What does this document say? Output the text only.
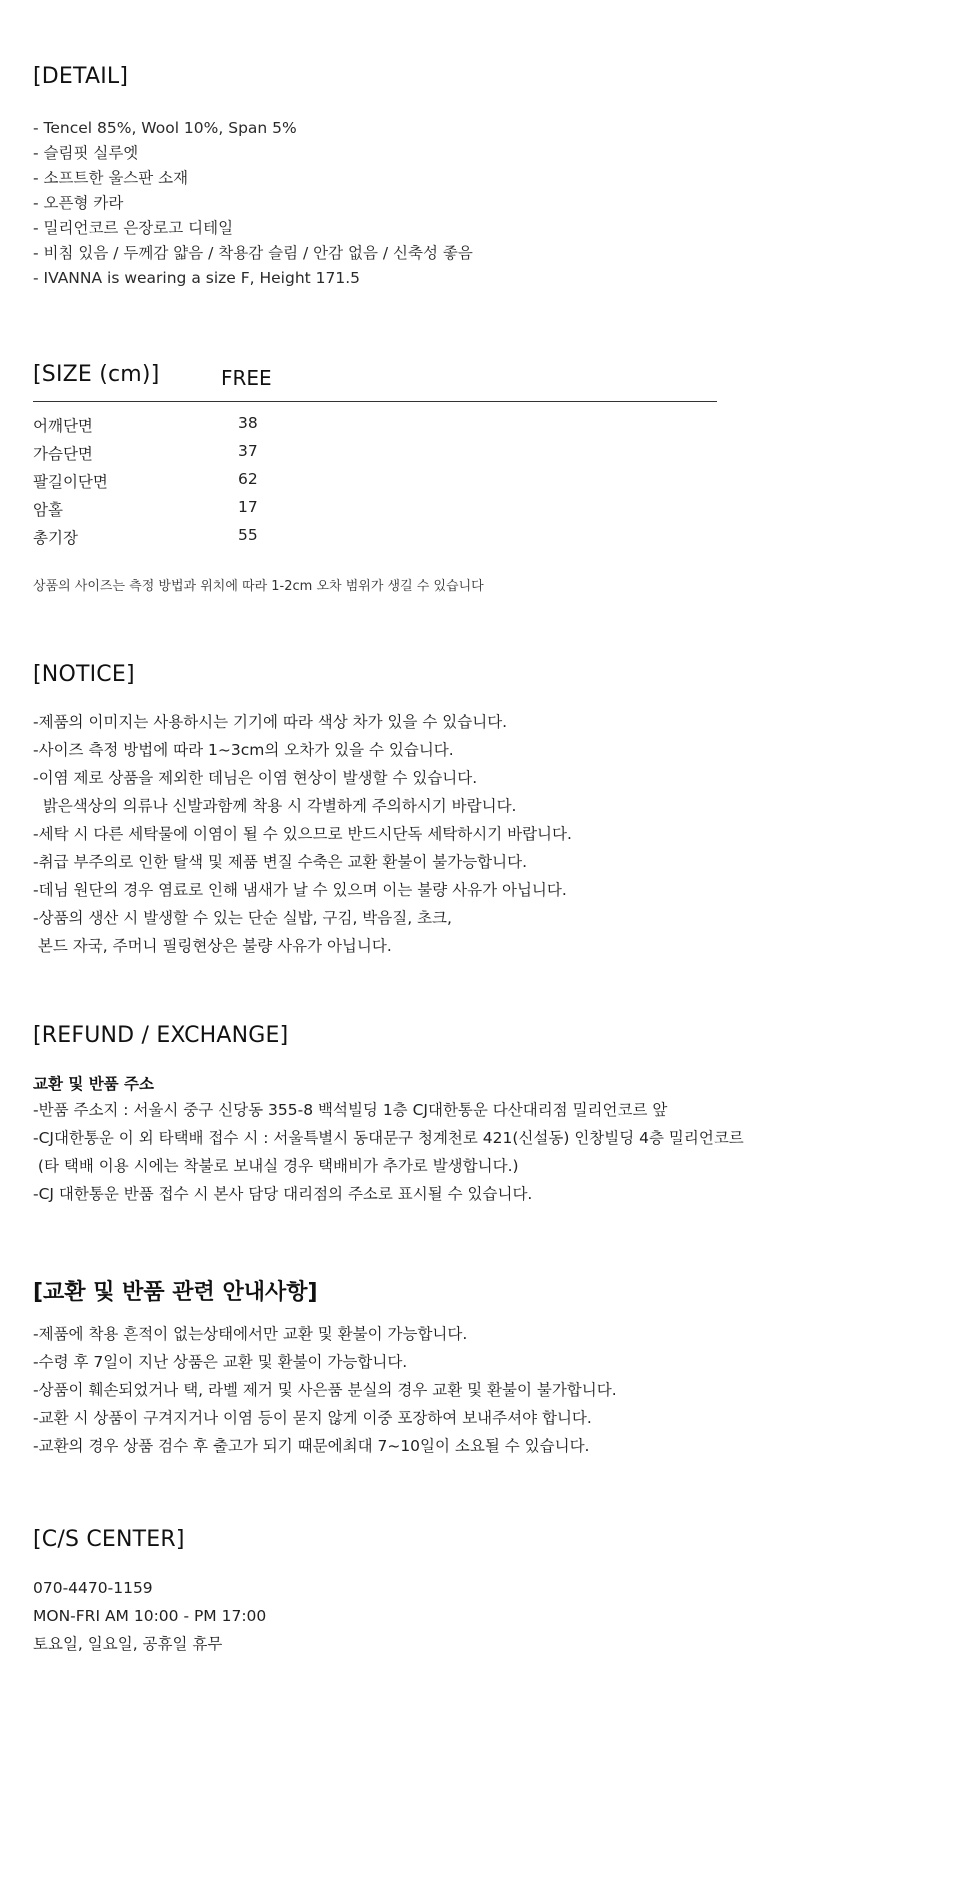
[DETAIL]
- Tencel 85%, Wool 10%, Span 5%
- 슬림핏 실루엣
- 소프트한 울스판 소재
- 오픈형 카라
- 밀리언코르 은장로고 디테일
- 비침 있음 / 두께감 얇음 / 착용감 슬림 / 안감 없음 / 신축성 좋음
- IVANNA is wearing a size F, Height 171.5
[SIZE (cm)]	FREE
어깨단면	38
가슴단면	37
팔길이단면	62
암홀	17
총기장	55
상품의 사이즈는 측정 방법과 위치에 따라 1-2cm 오차 범위가 생길 수 있습니다
[NOTICE]
-제품의 이미지는 사용하시는 기기에 따라 색상 차가 있을 수 있습니다.
-사이즈 측정 방법에 따라 1~3cm의 오차가 있을 수 있습니다.
-이염 제로 상품을 제외한 데님은 이염 현상이 발생할 수 있습니다.
밝은색상의 의류나 신발과함께 착용 시 각별하게 주의하시기 바랍니다.
-세탁 시 다른 세탁물에 이염이 될 수 있으므로 반드시단독 세탁하시기 바랍니다.
-취급 부주의로 인한 탈색 및 제품 변질 수축은 교환 환불이 불가능합니다.
-데님 원단의 경우 염료로 인해 냄새가 날 수 있으며 이는 불량 사유가 아닙니다.
-상품의 생산 시 발생할 수 있는 단순 실밥, 구김, 박음질, 초크,
본드 자국, 주머니 필링현상은 불량 사유가 아닙니다.
[REFUND / EXCHANGE]
교환 및 반품 주소
-반품 주소지 : 서울시 중구 신당동 355-8 백석빌딩 1층 CJ대한통운 다산대리점 밀리언코르 앞
-CJ대한통운 이 외 타택배 접수 시 : 서울특별시 동대문구 청계천로 421(신설동) 인창빌딩 4층 밀리언코르
(타 택배 이용 시에는 착불로 보내실 경우 택배비가 추가로 발생합니다.)
-CJ 대한통운 반품 접수 시 본사 담당 대리점의 주소로 표시될 수 있습니다.
[교환 및 반품 관련 안내사항]
-제품에 착용 흔적이 없는상태에서만 교환 및 환불이 가능합니다.
-수령 후 7일이 지난 상품은 교환 및 환불이 가능합니다.
-상품이 훼손되었거나 택, 라벨 제거 및 사은품 분실의 경우 교환 및 환불이 불가합니다.
-교환 시 상품이 구겨지거나 이염 등이 묻지 않게 이중 포장하여 보내주셔야 합니다.
-교환의 경우 상품 검수 후 출고가 되기 때문에최대 7~10일이 소요될 수 있습니다.
[C/S CENTER]
070-4470-1159
MON-FRI AM 10:00 - PM 17:00
토요일, 일요일, 공휴일 휴무
